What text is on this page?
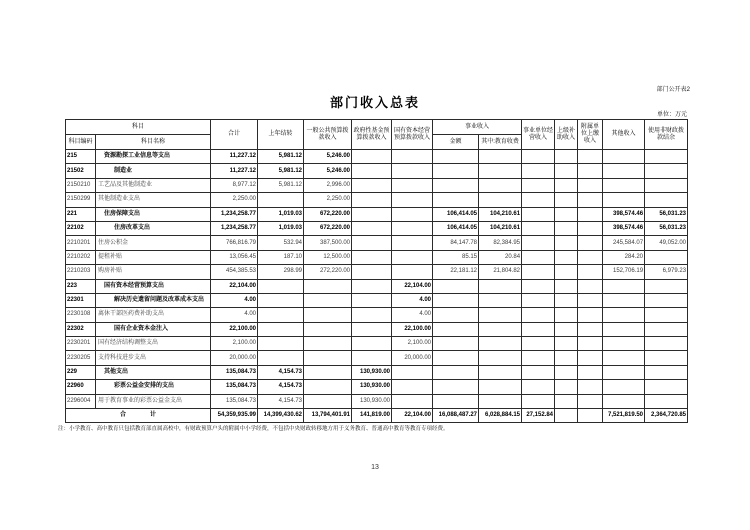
部门公开表2
部门收入总表
单位：万元
科目		合计	上年结转	一般公共预算拨款收入	政府性基金预算拨款收入	国有资本经营预算拨款收入	事业收入		事业单位经营收入	上级补助收入	附属单位上缴收入	其他收入	使用非财政拨款结余
科目编码	科目名称						金额	其中:教育收费					
215	资源勘探工业信息等支出	11,227.12	5,981.12	5,246.00									
21502	制造业	11,227.12	5,981.12	5,246.00									
2150210	工艺品及其他制造业	8,977.12	5,981.12	2,996.00									
2150299	其他制造业支出	2,250.00		2,250.00									
221	住房保障支出	1,234,258.77	1,019.03	672,220.00			106,414.05	104,210.61				398,574.46	56,031.23
22102	住房改革支出	1,234,258.77	1,019.03	672,220.00			106,414.05	104,210.61				398,574.46	56,031.23
2210201	住房公积金	766,816.79	532.94	387,500.00			84,147.78	82,384.95				245,584.07	49,052.00
2210202	提租补贴	13,056.45	187.10	12,500.00			85.15	20.84				284.20	
2210203	购房补贴	454,385.53	298.99	272,220.00			22,181.12	21,804.82				152,706.19	6,979.23
223	国有资本经营预算支出	22,104.00				22,104.00							
22301	解决历史遗留问题及改革成本支出	4.00				4.00							
2230108	离休干部医药费补助支出	4.00				4.00							
22302	国有企业资本金注入	22,100.00				22,100.00							
2230201	国有经济结构调整支出	2,100.00				2,100.00							
2230205	支持科技进步支出	20,000.00				20,000.00							
229	其他支出	135,084.73	4,154.73		130,930.00								
22960	彩票公益金安排的支出	135,084.73	4,154.73		130,930.00								
2296004	用于教育事业的彩票公益金支出	135,084.73	4,154.73		130,930.00								
合　　　　计		54,359,935.99	14,399,430.62	13,794,401.91	141,819.00	22,104.00	16,088,487.27	6,028,884.15	27,152.84			7,521,819.50	2,364,720.85
注：小学教育、高中教育只包括教育部直属高校中，有财政预算户头的附属中小学经费，不包括中央财政转移地方用于义务教育、普通高中教育等教育专项经费。
13
